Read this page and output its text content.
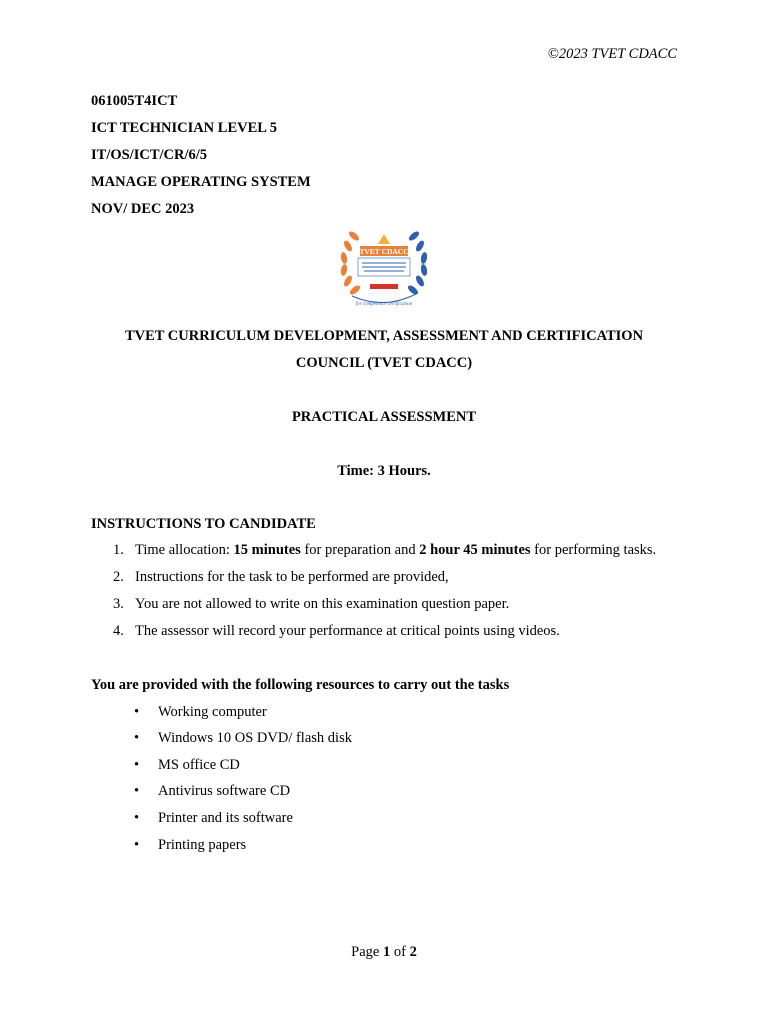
©2023 TVET CDACC
061005T4ICT
ICT TECHNICIAN LEVEL 5
IT/OS/ICT/CR/6/5
MANAGE OPERATING SYSTEM
NOV/ DEC 2023
TVET CDACC
for competence certification
TVET CURRICULUM DEVELOPMENT, ASSESSMENT AND CERTIFICATION
COUNCIL (TVET CDACC)
PRACTICAL ASSESSMENT
Time: 3 Hours.
INSTRUCTIONS TO CANDIDATE
1. Time allocation: 15 minutes for preparation and 2 hour 45 minutes for performing tasks.
2. Instructions for the task to be performed are provided,
3. You are not allowed to write on this examination question paper.
4. The assessor will record your performance at critical points using videos.
You are provided with the following resources to carry out the tasks
• Working computer
• Windows 10 OS DVD/ flash disk
• MS office CD
• Antivirus software CD
• Printer and its software
• Printing papers
Page 1 of 2
